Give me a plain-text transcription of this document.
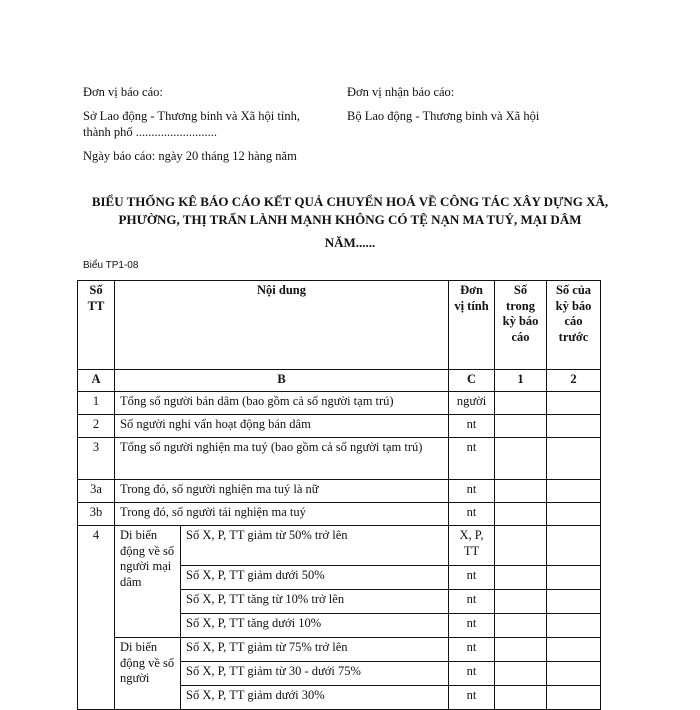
Đơn vị báo cáo:
Sở Lao động - Thương binh và Xã hội tỉnh,
thành phố ..........................
Ngày báo cáo: ngày 20 tháng 12 hàng năm
Đơn vị nhận báo cáo:
Bộ Lao động - Thương binh và Xã hội
BIỂU THỐNG KÊ BÁO CÁO KẾT QUẢ CHUYỂN HOÁ VỀ CÔNG TÁC XÂY DỰNG XÃ,
PHƯỜNG, THỊ TRẤN LÀNH MẠNH KHÔNG CÓ TỆ NẠN MA TUÝ, MẠI DÂM
NĂM......
Biểu TP1-08
Số TT	Nội dung		Đơn vị tính	Số trong kỳ báo cáo	Số của kỳ báo cáo trước
A	B		C	1	2
1	Tổng số người bán dâm (bao gồm cả số người tạm trú)		người		
2	Số người nghi vấn hoạt động bán dâm		nt		
3	Tổng số người nghiện ma tuý (bao gồm cả số người tạm trú)		nt		
3a	Trong đó, số người nghiện ma tuý là nữ		nt		
3b	Trong đó, số người tái nghiện ma tuý		nt		
4	Di biến động về số người mại dâm	Số X, P, TT giảm từ 50% trở lên	X, P, TT		
		Số X, P, TT giảm dưới 50%	nt		
		Số X, P, TT tăng từ 10% trở lên	nt		
		Số X, P, TT tăng dưới 10%	nt		
	Di biến động về số người	Số X, P, TT giảm từ 75% trở lên	nt		
		Số X, P, TT giảm từ 30 - dưới 75%	nt		
		Số X, P, TT giảm dưới 30%	nt		
